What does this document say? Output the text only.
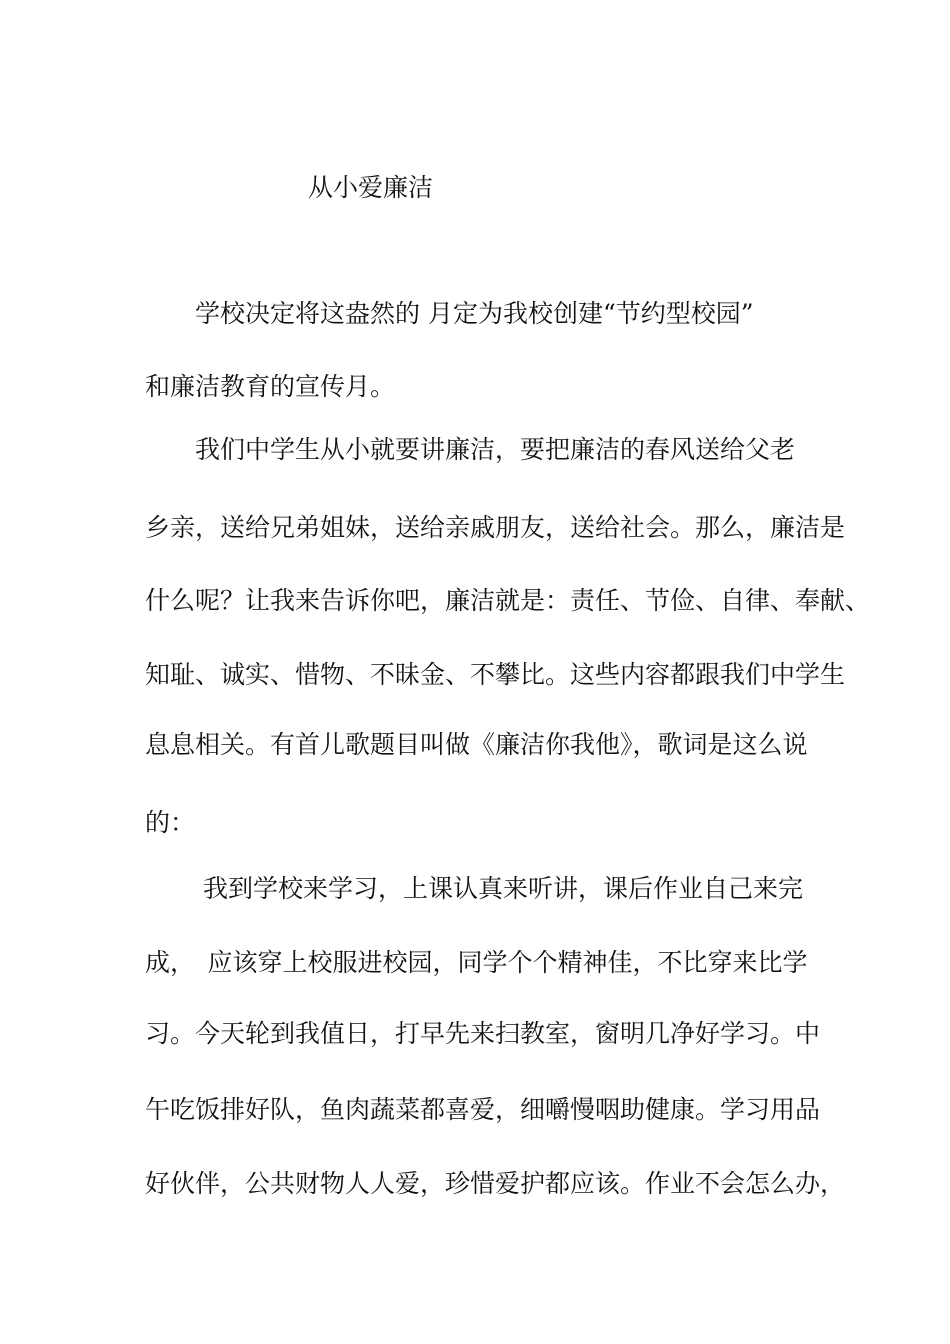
从小爱廉洁

　　学校决定将这盎然的 月定为我校创建“节约型校园”

和廉洁教育的宣传月。

　　我们中学生从小就要讲廉洁，要把廉洁的春风送给父老

乡亲，送给兄弟姐妹，送给亲戚朋友，送给社会。那么，廉洁是

什么呢？让我来告诉你吧，廉洁就是：责任、节俭、自律、奉献、

知耻、诚实、惜物、不昧金、不攀比。这些内容都跟我们中学生

息息相关。有首儿歌题目叫做《廉洁你我他》，歌词是这么说

的：

　　 我到学校来学习，上课认真来听讲，课后作业自己来完

成，　应该穿上校服进校园，同学个个精神佳，不比穿来比学

习。今天轮到我值日，打早先来扫教室，窗明几净好学习。中

午吃饭排好队，鱼肉蔬菜都喜爱，细嚼慢咽助健康。学习用品

好伙伴，公共财物人人爱，珍惜爱护都应该。作业不会怎么办，
